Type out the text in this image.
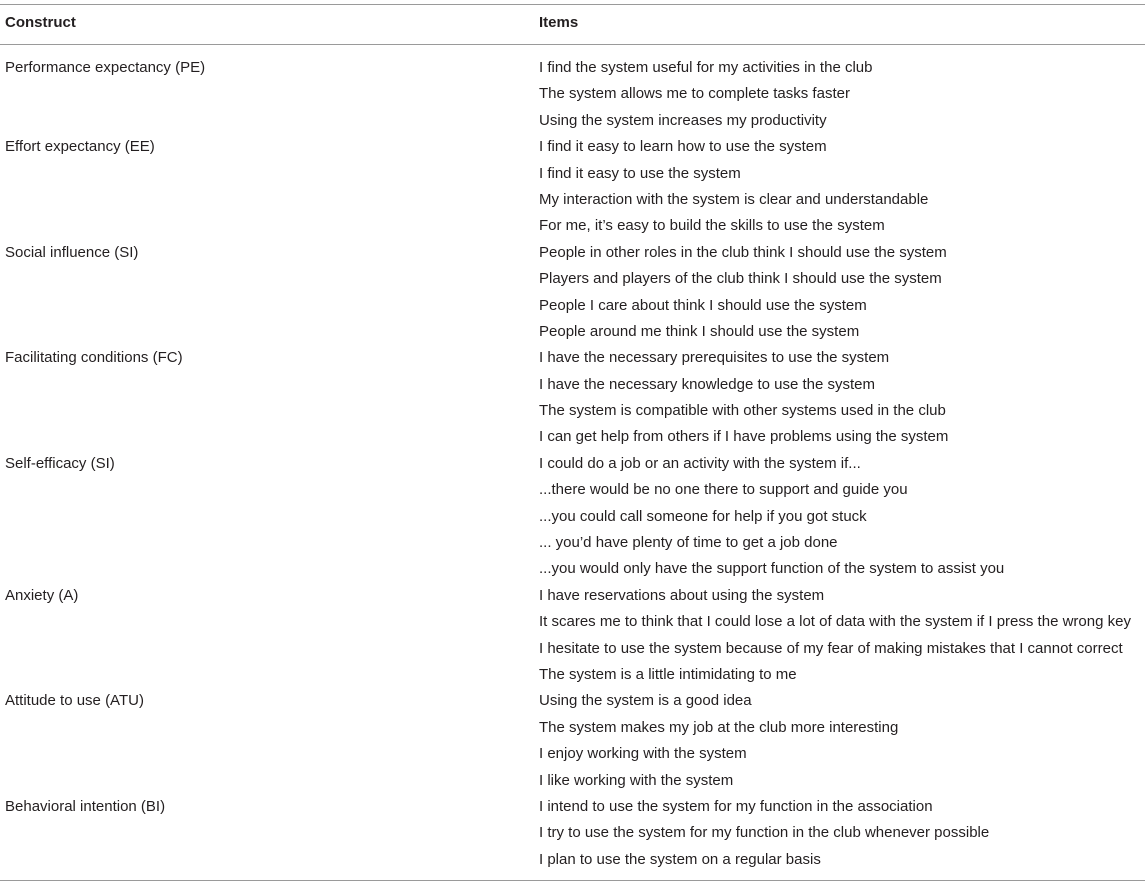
Construct	Items
Performance expectancy (PE)	I find the system useful for my activities in the club
The system allows me to complete tasks faster
Using the system increases my productivity
Effort expectancy (EE)	I find it easy to learn how to use the system
I find it easy to use the system
My interaction with the system is clear and understandable
For me, it’s easy to build the skills to use the system
Social influence (SI)	People in other roles in the club think I should use the system
Players and players of the club think I should use the system
People I care about think I should use the system
People around me think I should use the system
Facilitating conditions (FC)	I have the necessary prerequisites to use the system
I have the necessary knowledge to use the system
The system is compatible with other systems used in the club
I can get help from others if I have problems using the system
Self-efficacy (SI)	I could do a job or an activity with the system if...
...there would be no one there to support and guide you
...you could call someone for help if you got stuck
... you’d have plenty of time to get a job done
...you would only have the support function of the system to assist you
Anxiety (A)	I have reservations about using the system
It scares me to think that I could lose a lot of data with the system if I press the wrong key
I hesitate to use the system because of my fear of making mistakes that I cannot correct
The system is a little intimidating to me
Attitude to use (ATU)	Using the system is a good idea
The system makes my job at the club more interesting
I enjoy working with the system
I like working with the system
Behavioral intention (BI)	I intend to use the system for my function in the association
I try to use the system for my function in the club whenever possible
I plan to use the system on a regular basis
